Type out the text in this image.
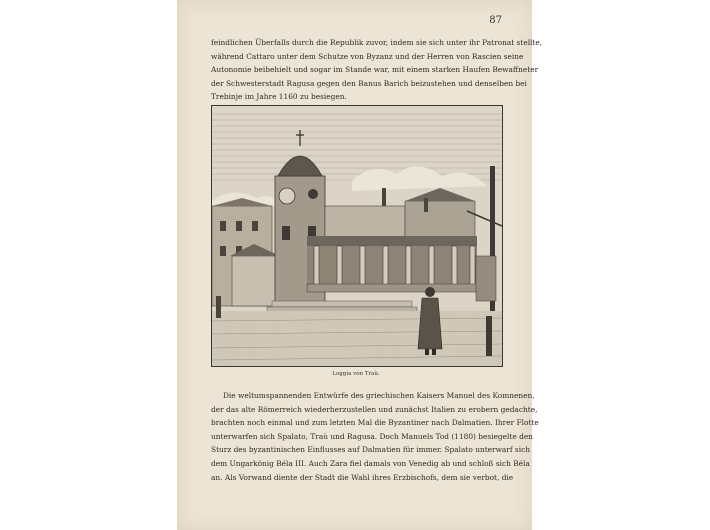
87
feindlichen Überfalls durch die Republik zuvor, indem sie sich unter ihr Patronat stellte,
während Cattaro unter dem Schutze von Byzanz und der Herren von Rascien seine
Autonomie beibehielt und sogar im Stande war, mit einem starken Haufen Bewaffneter
der Schwesterstadt Ragusa gegen den Banus Barich beizustehen und denselben bei
Trebinje im Jahre 1160 zu besiegen.
Loggia von Traù.
Die weltumspannenden Entwürfe des griechischen Kaisers Manuel des Komnenen,
der das alte Römerreich wiederherzustellen und zunächst Italien zu erobern gedachte,
brachten noch einmal und zum letzten Mal die Byzantiner nach Dalmatien. Ihrer Flotte
unterwarfen sich Spalato, Traù und Ragusa. Doch Manuels Tod (1180) besiegelte den
Sturz des byzantinischen Einflusses auf Dalmatien für immer. Spalato unterwarf sich
dem Ungarkönig Béla III. Auch Zara fiel damals von Venedig ab und schloß sich Béla
an. Als Vorwand diente der Stadt die Wahl ihres Erzbischofs, dem sie verbot, die
